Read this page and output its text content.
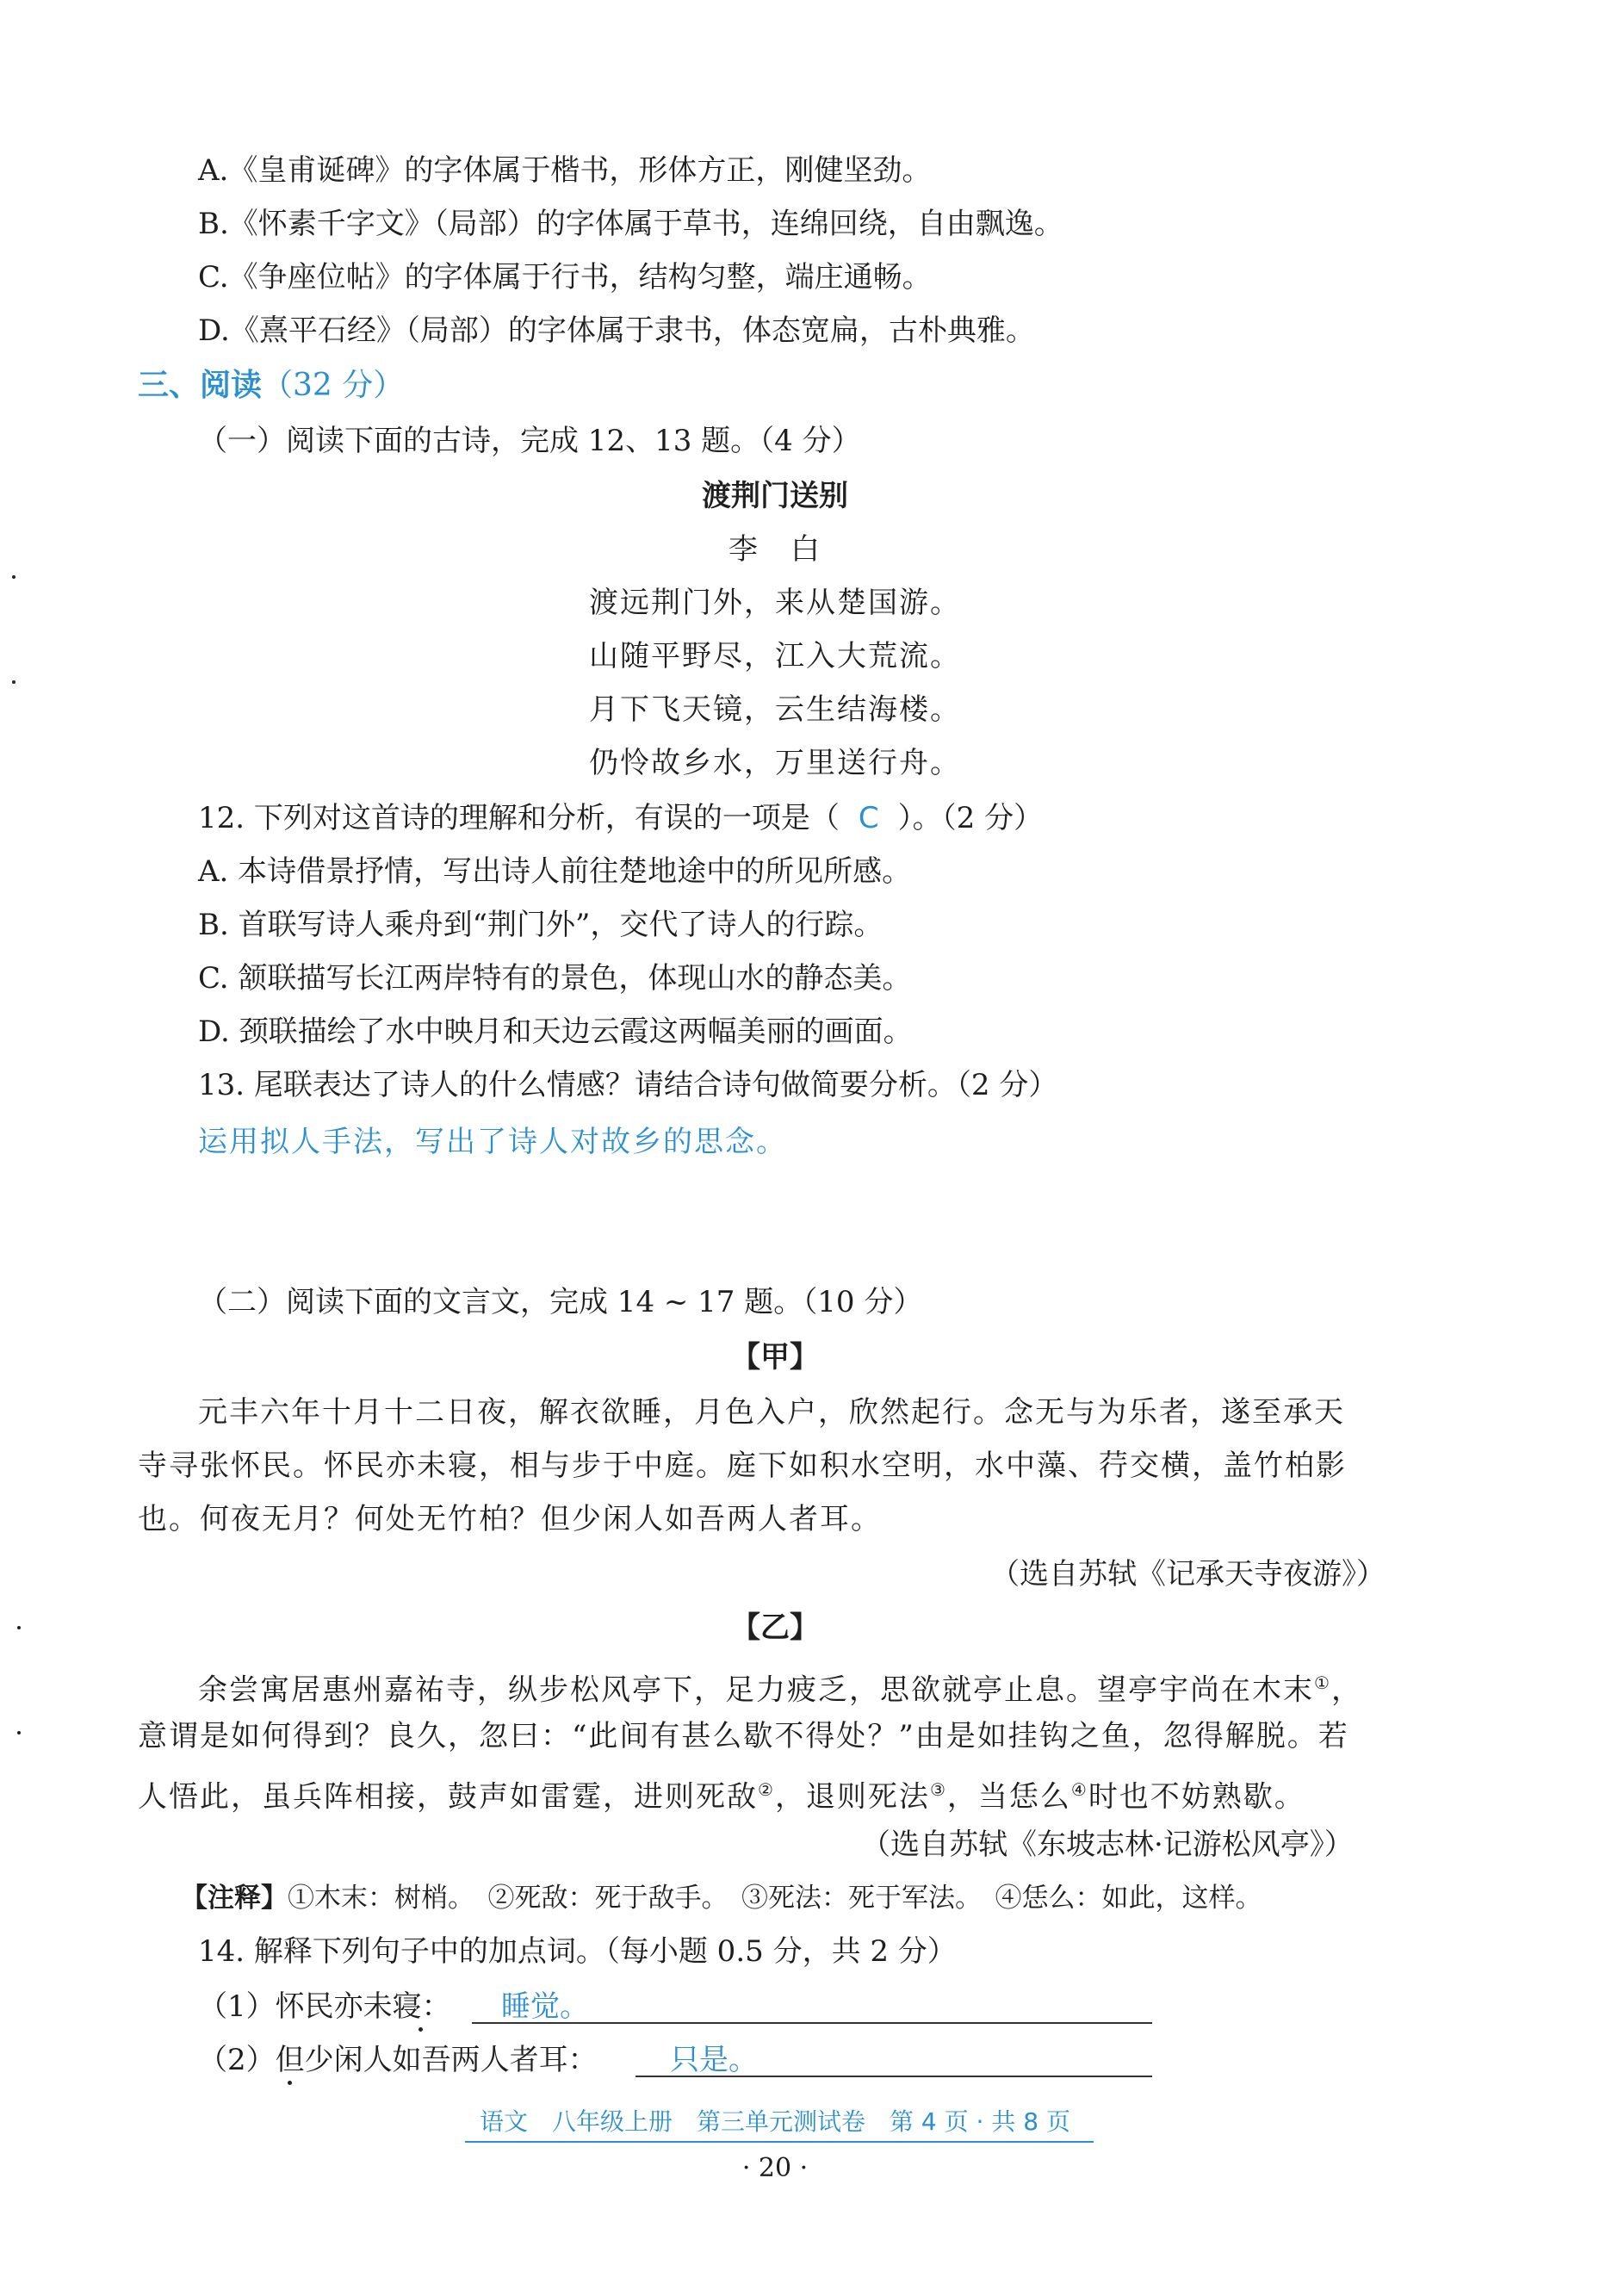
A.《皇甫诞碑》的字体属于楷书，形体方正，刚健坚劲。
B.《怀素千字文》（局部）的字体属于草书，连绵回绕，自由飘逸。
C.《争座位帖》的字体属于行书，结构匀整，端庄通畅。
D.《熹平石经》（局部）的字体属于隶书，体态宽扁，古朴典雅。
三、阅读（32 分）
（一）阅读下面的古诗，完成 12、13 题。（4 分）
渡荆门送别
李　白
渡远荆门外，来从楚国游。
山随平野尽，江入大荒流。
月下飞天镜，云生结海楼。
仍怜故乡水，万里送行舟。
12. 下列对这首诗的理解和分析，有误的一项是（ C ）。（2 分）
A. 本诗借景抒情，写出诗人前往楚地途中的所见所感。
B. 首联写诗人乘舟到“荆门外”，交代了诗人的行踪。
C. 颔联描写长江两岸特有的景色，体现山水的静态美。
D. 颈联描绘了水中映月和天边云霞这两幅美丽的画面。
13. 尾联表达了诗人的什么情感？请结合诗句做简要分析。（2 分）
运用拟人手法，写出了诗人对故乡的思念。
（二）阅读下面的文言文，完成 14 ~ 17 题。（10 分）
【甲】
元丰六年十月十二日夜，解衣欲睡，月色入户，欣然起行。念无与为乐者，遂至承天
寺寻张怀民。怀民亦未寝，相与步于中庭。庭下如积水空明，水中藻、荇交横，盖竹柏影
也。何夜无月？何处无竹柏？但少闲人如吾两人者耳。
（选自苏轼《记承天寺夜游》）
【乙】
余尝寓居惠州嘉祐寺，纵步松风亭下，足力疲乏，思欲就亭止息。望亭宇尚在木末①，
意谓是如何得到？良久，忽曰：“此间有甚么歇不得处？”由是如挂钩之鱼，忽得解脱。若
人悟此，虽兵阵相接，鼓声如雷霆，进则死敌②，退则死法③，当恁么④时也不妨熟歇。
（选自苏轼《东坡志林·记游松风亭》）
【注释】①木末：树梢。　②死敌：死于敌手。　③死法：死于军法。　④恁么：如此，这样。
14. 解释下列句子中的加点词。（每小题 0.5 分，共 2 分）
（1）怀民亦未寝： 睡觉。
（2）但少闲人如吾两人者耳： 只是。
语文　八年级上册　第三单元测试卷　第 4 页 · 共 8 页
· 20 ·
